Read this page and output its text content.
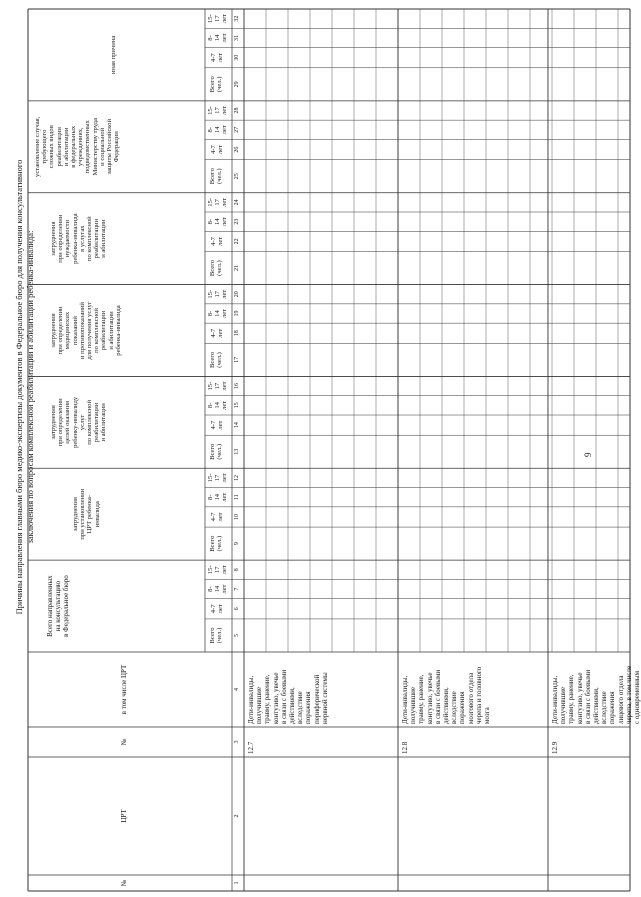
9
Причины направления главными бюро медико-экспертизы документов в Федеральное бюро для получения консультативного заключения по вопросам комплексной реабилитации и абилитации ребёнка-инвалида:
№
ЦРТ
№
в том числе ЦРТ
Всего направленных на консультацию в Федеральное бюро
затруднения при установлении ЦРТ ребенка- инвалида
затруднения при определении целей оказания ребенку-инвалиду услуг по комплексной реабилитации и абилитации
затруднения при определении медицинских показаний и противопоказаний для получения услуг по комплексной реабилитации и абилитации ребенка-инвалида
затруднения при определении нуждаемости ребенка-инвалида в услугах по комплексной реабилитации и абилитации
установление случая, требующего сложных видов реабилитации и абилитации в федеральных учреждениях, подведомственных Министерству труда и социальной защиты Российской Федерации
иная причина
Всего (чел.)
4-7 лет
8- 14 лет
15- 17 лет
Всего (чел.)
4-7 лет
8- 14 лет
15- 17 лет
Всего (чел.)
4-7 лет
8- 14 лет
15- 17 лет
Всего (чел.)
4-7 лет
8- 14 лет
15- 17 лет
Всего (чел.)
4-7 лет
8- 14 лет
15- 17 лет
Всего (чел.)
4-7 лет
8- 14 лет
15- 17 лет
Всего (чел.)
4-7 лет
8- 14 лет
15- 17 лет
1
2
3
4
5
6
7
8
9
10
11
12
13
14
15
16
17
18
19
20
21
22
23
24
25
26
27
28
29
30
31
32
12.7
Дети-инвалиды, получившие травму, ранение, контузию, увечье в связи с боевыми действиями, вследствие поражения периферической нервной системы
12.8
Дети-инвалиды, получившие травму, ранение, контузию, увечье в связи с боевыми действиями, вследствие поражения мозгового отдела черепа и головного мозга
12.9
Дети-инвалиды, получившие травму, ранение, контузию, увечье в связи с боевыми действиями, вследствие поражения лицевого отдела черепа, в том числе с одновременным
